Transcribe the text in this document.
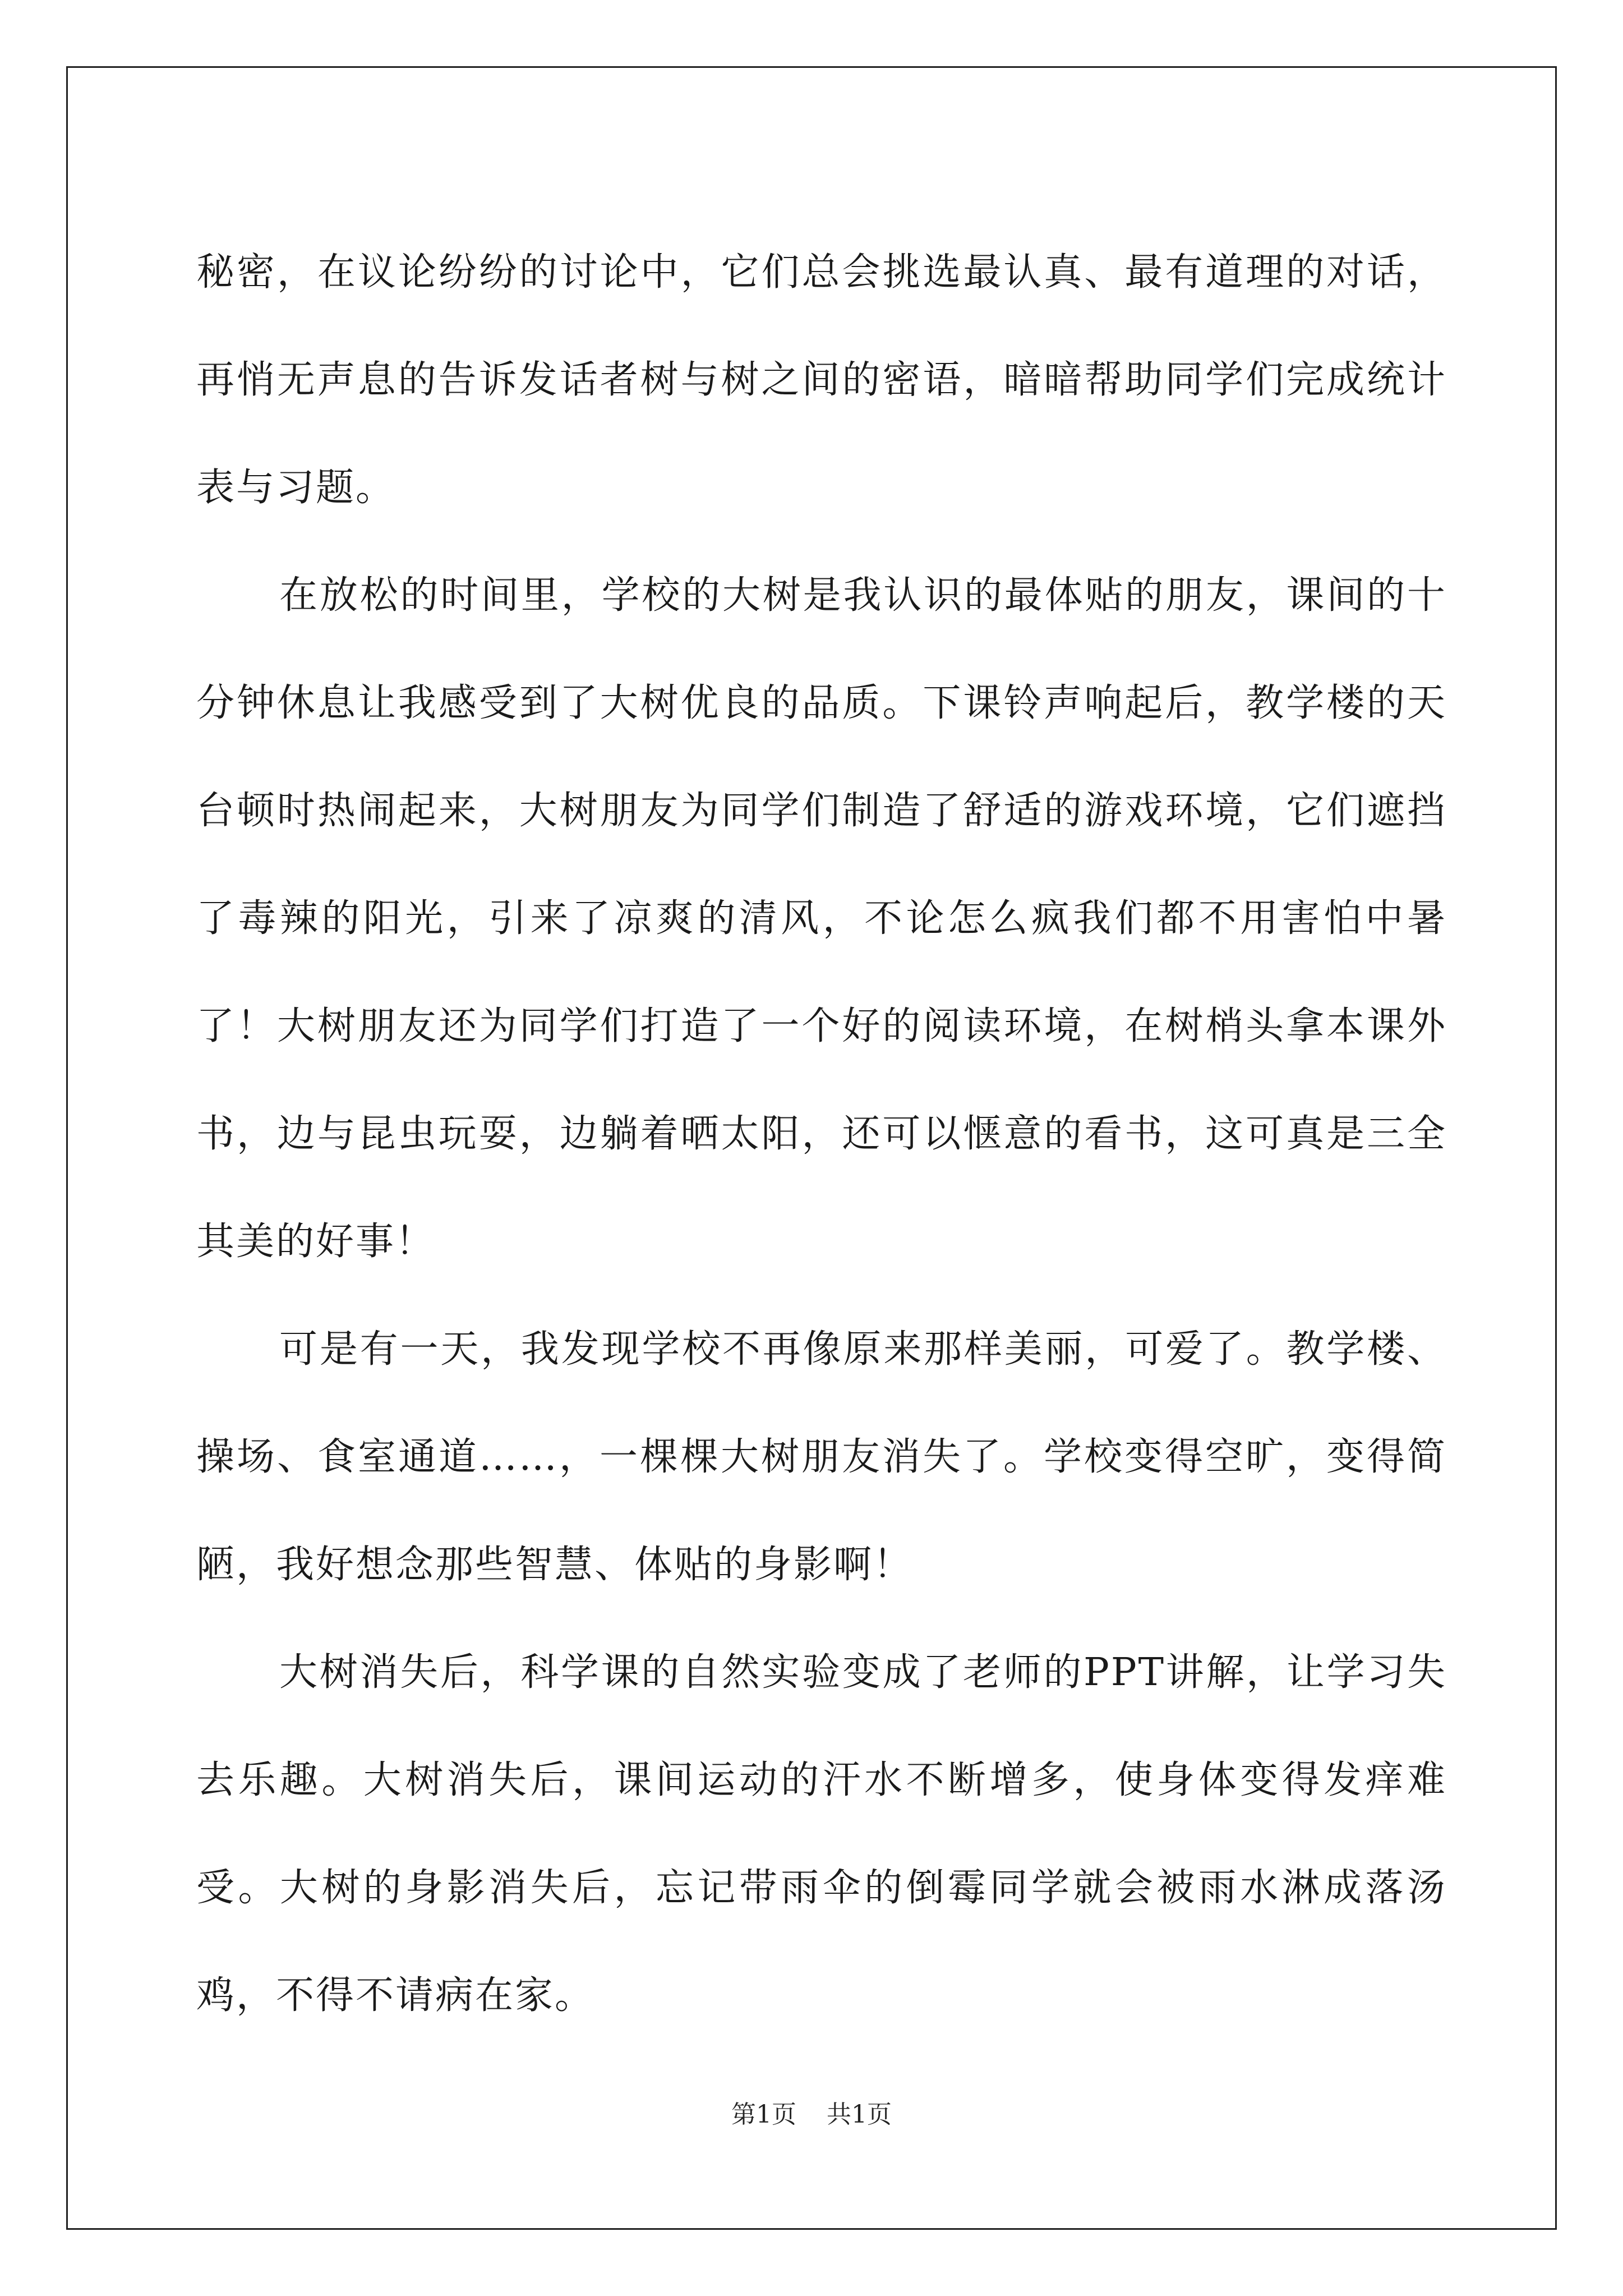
秘密，在议论纷纷的讨论中，它们总会挑选最认真、最有道理的对话，再悄无声息的告诉发话者树与树之间的密语，暗暗帮助同学们完成统计表与习题。

在放松的时间里，学校的大树是我认识的最体贴的朋友，课间的十分钟休息让我感受到了大树优良的品质。下课铃声响起后，教学楼的天台顿时热闹起来，大树朋友为同学们制造了舒适的游戏环境，它们遮挡了毒辣的阳光，引来了凉爽的清风，不论怎么疯我们都不用害怕中暑了！大树朋友还为同学们打造了一个好的阅读环境，在树梢头拿本课外书，边与昆虫玩耍，边躺着晒太阳，还可以惬意的看书，这可真是三全其美的好事！

可是有一天，我发现学校不再像原来那样美丽，可爱了。教学楼、操场、食室通道……，一棵棵大树朋友消失了。学校变得空旷，变得简陋，我好想念那些智慧、体贴的身影啊！

大树消失后，科学课的自然实验变成了老师的PPT讲解，让学习失去乐趣。大树消失后，课间运动的汗水不断增多，使身体变得发痒难受。大树的身影消失后，忘记带雨伞的倒霉同学就会被雨水淋成落汤鸡，不得不请病在家。

第1页 共1页
